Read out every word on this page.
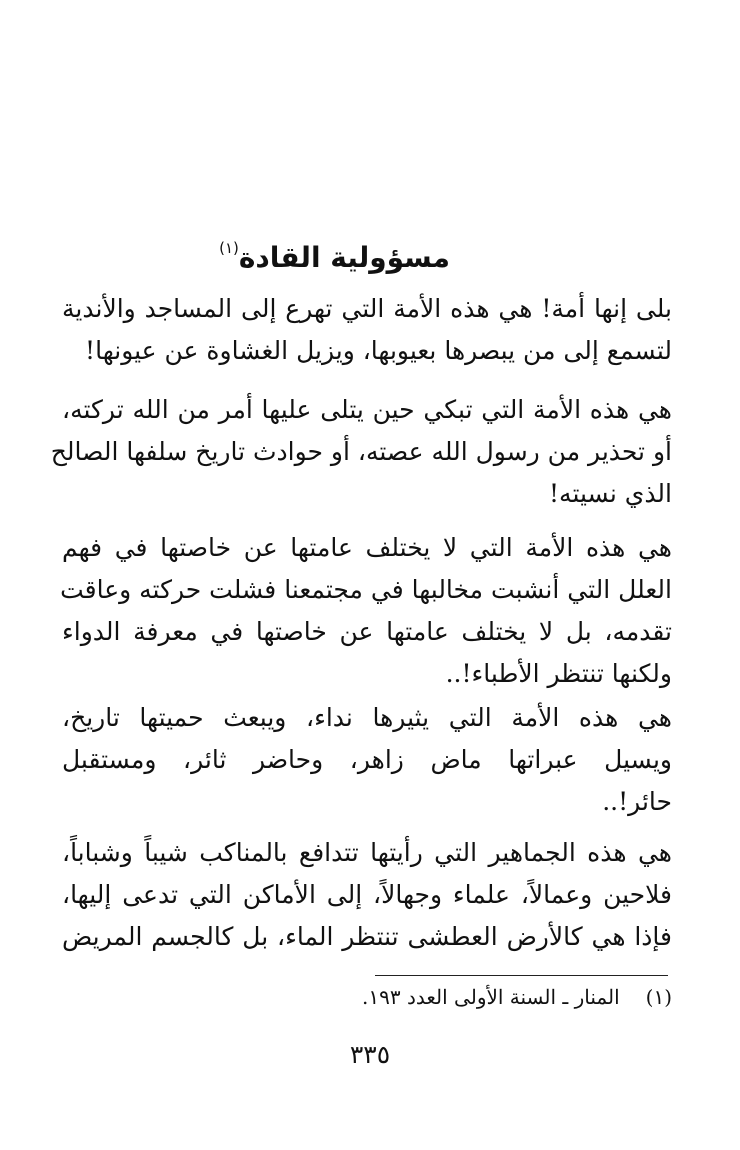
مسؤولية القادة$^{(١)}$
بلى إنها أمة! هي هذه الأمة التي تهرع إلى المساجد والأندية
لتسمع إلى من يبصرها بعيوبها، ويزيل الغشاوة عن عيونها!
هي هذه الأمة التي تبكي حين يتلى عليها أمر من الله تركته،
أو تحذير من رسول الله عصته، أو حوادث تاريخ سلفها الصالح
الذي نسيته!
هي هذه الأمة التي لا يختلف عامتها عن خاصتها في فهم
العلل التي أنشبت مخالبها في مجتمعنا فشلت حركته وعاقت
تقدمه، بل لا يختلف عامتها عن خاصتها في معرفة الدواء
ولكنها تنتظر الأطباء!..
هي هذه الأمة التي يثيرها نداء، ويبعث حميتها تاريخ،
ويسيل عبراتها ماض زاهر، وحاضر ثائر، ومستقبل
حائر!..
هي هذه الجماهير التي رأيتها تتدافع بالمناكب شيباً وشباباً،
فلاحين وعمالاً، علماء وجهالاً، إلى الأماكن التي تدعى إليها،
فإذا هي كالأرض العطشى تنتظر الماء، بل كالجسم المريض
(١)المنار ـ السنة الأولى العدد ١٩٣.
٣٣٥
